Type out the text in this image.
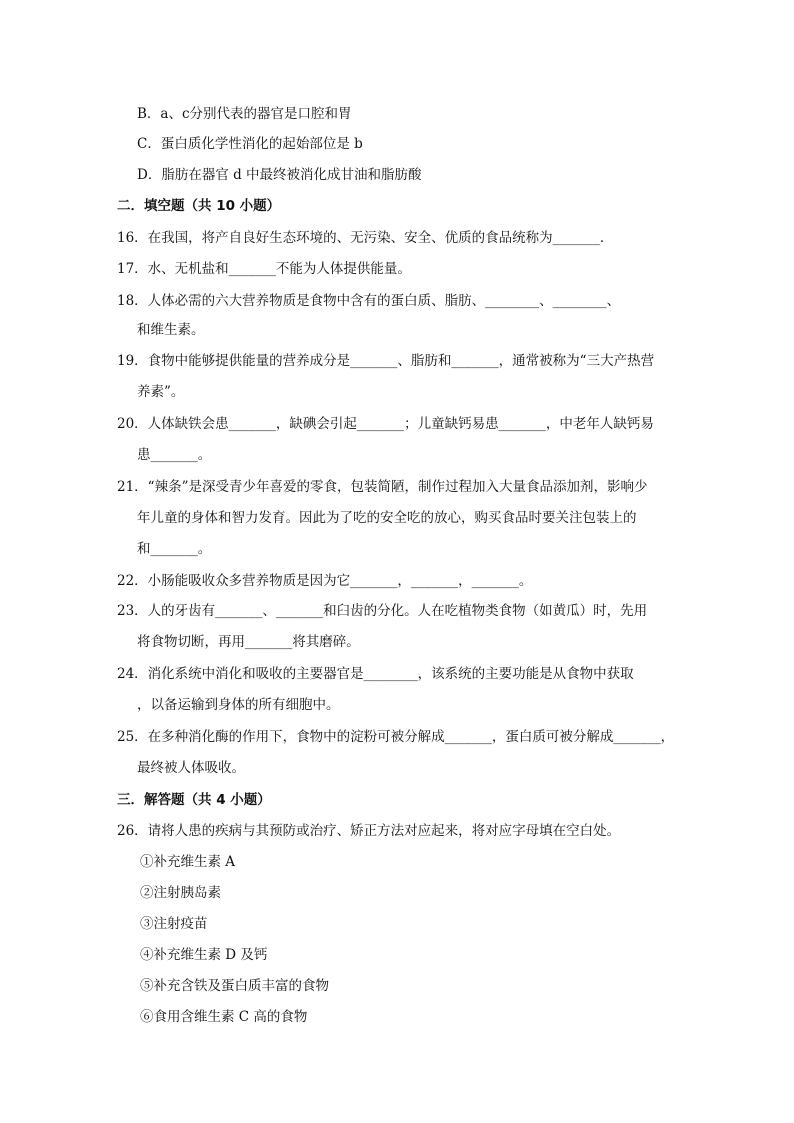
B．a、c分别代表的器官是口腔和胃
C．蛋白质化学性消化的起始部位是 b
D．脂肪在器官 d 中最终被消化成甘油和脂肪酸
二．填空题（共 10 小题）
16．在我国，将产自良好生态环境的、无污染、安全、优质的食品统称为_______．
17．水、无机盐和_______不能为人体提供能量。
18．人体必需的六大营养物质是食物中含有的蛋白质、脂肪、________、________、
和维生素。
19．食物中能够提供能量的营养成分是_______、脂肪和_______，通常被称为“三大产热营
养素”。
20．人体缺铁会患_______，缺碘会引起_______；儿童缺钙易患_______，中老年人缺钙易
患_______。
21．“辣条”是深受青少年喜爱的零食，包装简陋，制作过程加入大量食品添加剂，影响少
年儿童的身体和智力发育。因此为了吃的安全吃的放心，购买食品时要关注包装上的
和_______。
22．小肠能吸收众多营养物质是因为它_______，_______，_______。
23．人的牙齿有_______、_______和臼齿的分化。人在吃植物类食物（如黄瓜）时，先用
将食物切断，再用_______将其磨碎。
24．消化系统中消化和吸收的主要器官是________，该系统的主要功能是从食物中获取
，以备运输到身体的所有细胞中。
25．在多种消化酶的作用下，食物中的淀粉可被分解成_______，蛋白质可被分解成_______，
最终被人体吸收。
三．解答题（共 4 小题）
26．请将人患的疾病与其预防或治疗、矫正方法对应起来，将对应字母填在空白处。
①补充维生素 A
②注射胰岛素
③注射疫苗
④补充维生素 D 及钙
⑤补充含铁及蛋白质丰富的食物
⑥食用含维生素 C 高的食物
